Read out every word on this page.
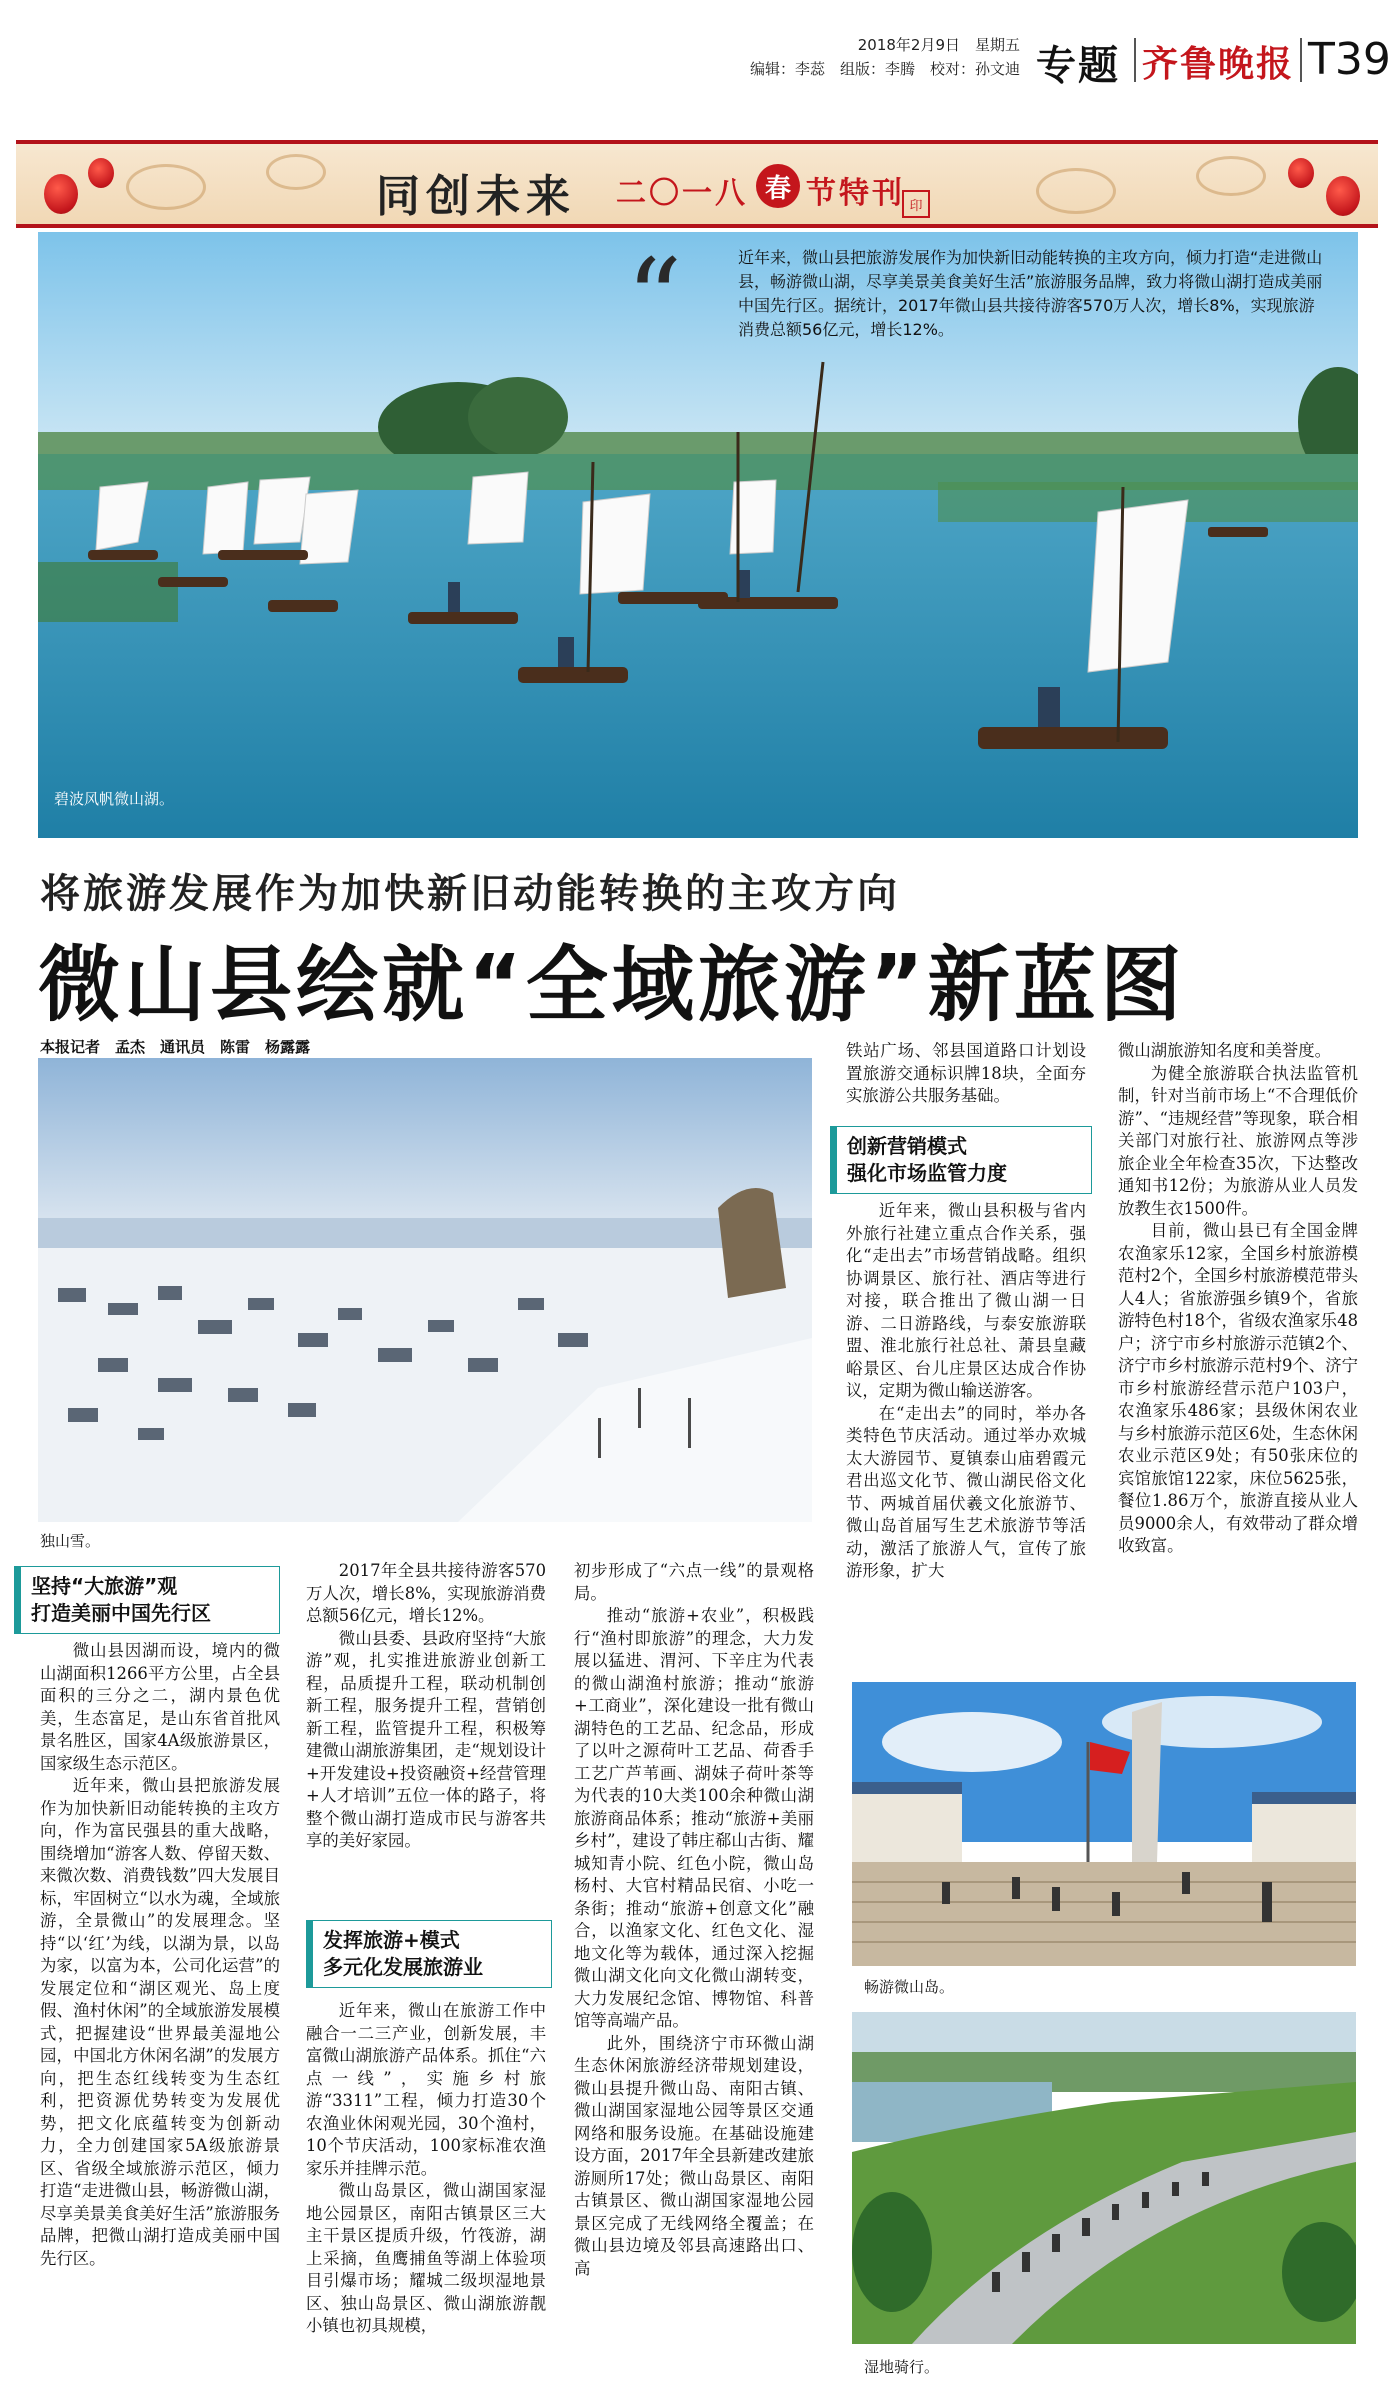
2018年2月9日　星期五
编辑：李蕊　组版：李腾　校对：孙文迪 专题 齐鲁晚报 T39
同创未来 二〇一八 春 节特刊 印
“	近年来，微山县把旅游发展作为加快新旧动能转换的主攻方向，倾力打造“走进微山县，畅游微山湖，尽享美景美食美好生活”旅游服务品牌，致力将微山湖打造成美丽中国先行区。据统计，2017年微山县共接待游客570万人次，增长8%，实现旅游消费总额56亿元，增长12%。
碧波风帆微山湖。
将旅游发展作为加快新旧动能转换的主攻方向
微山县绘就“全域旅游”新蓝图
本报记者　孟杰　通讯员　陈雷　杨露露
独山雪。
坚持“大旅游”观
打造美丽中国先行区

微山县因湖而设，境内的微山湖面积1266平方公里，占全县面积的三分之二，湖内景色优美，生态富足，是山东省首批风景名胜区，国家4A级旅游景区，国家级生态示范区。

近年来，微山县把旅游发展作为加快新旧动能转换的主攻方向，作为富民强县的重大战略，围绕增加“游客人数、停留天数、来微次数、消费钱数”四大发展目标，牢固树立“以水为魂，全域旅游，全景微山”的发展理念。坚持“以‘红’为线，以湖为景，以岛为家，以富为本，公司化运营”的发展定位和“湖区观光、岛上度假、渔村休闲”的全域旅游发展模式，把握建设“世界最美湿地公园，中国北方休闲名湖”的发展方向，把生态红线转变为生态红利，把资源优势转变为发展优势，把文化底蕴转变为创新动力，全力创建国家5A级旅游景区、省级全域旅游示范区，倾力打造“走进微山县，畅游微山湖，尽享美景美食美好生活”旅游服务品牌，把微山湖打造成美丽中国先行区。

2017年全县共接待游客570万人次，增长8%，实现旅游消费总额56亿元，增长12%。

微山县委、县政府坚持“大旅游”观，扎实推进旅游业创新工程，品质提升工程，联动机制创新工程，服务提升工程，营销创新工程，监管提升工程，积极筹建微山湖旅游集团，走“规划设计+开发建设+投资融资+经营管理+人才培训”五位一体的路子，将整个微山湖打造成市民与游客共享的美好家园。

发挥旅游+模式
多元化发展旅游业

近年来，微山在旅游工作中融合一二三产业，创新发展，丰富微山湖旅游产品体系。抓住“六点一线”，实施乡村旅游“3311”工程，倾力打造30个农渔业休闲观光园，30个渔村，10个节庆活动，100家标准农渔家乐并挂牌示范。

微山岛景区，微山湖国家湿地公园景区，南阳古镇景区三大主干景区提质升级，竹筏游，湖上采摘，鱼鹰捕鱼等湖上体验项目引爆市场；耀城二级坝湿地景区、独山岛景区、微山湖旅游靓小镇也初具规模，

初步形成了“六点一线”的景观格局。

推动“旅游+农业”，积极践行“渔村即旅游”的理念，大力发展以猛进、渭河、下辛庄为代表的微山湖渔村旅游；推动“旅游+工商业”，深化建设一批有微山湖特色的工艺品、纪念品，形成了以叶之源荷叶工艺品、荷香手工艺广芦苇画、湖妹子荷叶茶等为代表的10大类100余种微山湖旅游商品体系；推动“旅游+美丽乡村”，建设了韩庄郗山古街、耀城知青小院、红色小院，微山岛杨村、大官村精品民宿、小吃一条街；推动“旅游+创意文化”融合，以渔家文化、红色文化、湿地文化等为载体，通过深入挖掘微山湖文化向文化微山湖转变，大力发展纪念馆、博物馆、科普馆等高端产品。

此外，围绕济宁市环微山湖生态休闲旅游经济带规划建设，微山县提升微山岛、南阳古镇、微山湖国家湿地公园等景区交通网络和服务设施。在基础设施建设方面，2017年全县新建改建旅游厕所17处；微山岛景区、南阳古镇景区、微山湖国家湿地公园景区完成了无线网络全覆盖；在微山县边境及邻县高速路出口、高

铁站广场、邻县国道路口计划设置旅游交通标识牌18块，全面夯实旅游公共服务基础。

创新营销模式
强化市场监管力度

近年来，微山县积极与省内外旅行社建立重点合作关系，强化“走出去”市场营销战略。组织协调景区、旅行社、酒店等进行对接，联合推出了微山湖一日游、二日游路线，与泰安旅游联盟、淮北旅行社总社、萧县皇藏峪景区、台儿庄景区达成合作协议，定期为微山输送游客。

在“走出去”的同时，举办各类特色节庆活动。通过举办欢城太大游园节、夏镇泰山庙碧霞元君出巡文化节、微山湖民俗文化节、两城首届伏羲文化旅游节、微山岛首届写生艺术旅游节等活动，激活了旅游人气，宣传了旅游形象，扩大

微山湖旅游知名度和美誉度。

为健全旅游联合执法监管机制，针对当前市场上“不合理低价游”、“违规经营”等现象，联合相关部门对旅行社、旅游网点等涉旅企业全年检查35次，下达整改通知书12份；为旅游从业人员发放教生衣1500件。

目前，微山县已有全国金牌农渔家乐12家，全国乡村旅游模范村2个，全国乡村旅游模范带头人4人；省旅游强乡镇9个，省旅游特色村18个，省级农渔家乐48户；济宁市乡村旅游示范镇2个、济宁市乡村旅游示范村9个、济宁市乡村旅游经营示范户103户，农渔家乐486家；县级休闲农业与乡村旅游示范区6处，生态休闲农业示范区9处；有50张床位的宾馆旅馆122家，床位5625张，餐位1.86万个，旅游直接从业人员9000余人，有效带动了群众增收致富。

畅游微山岛。
湿地骑行。
